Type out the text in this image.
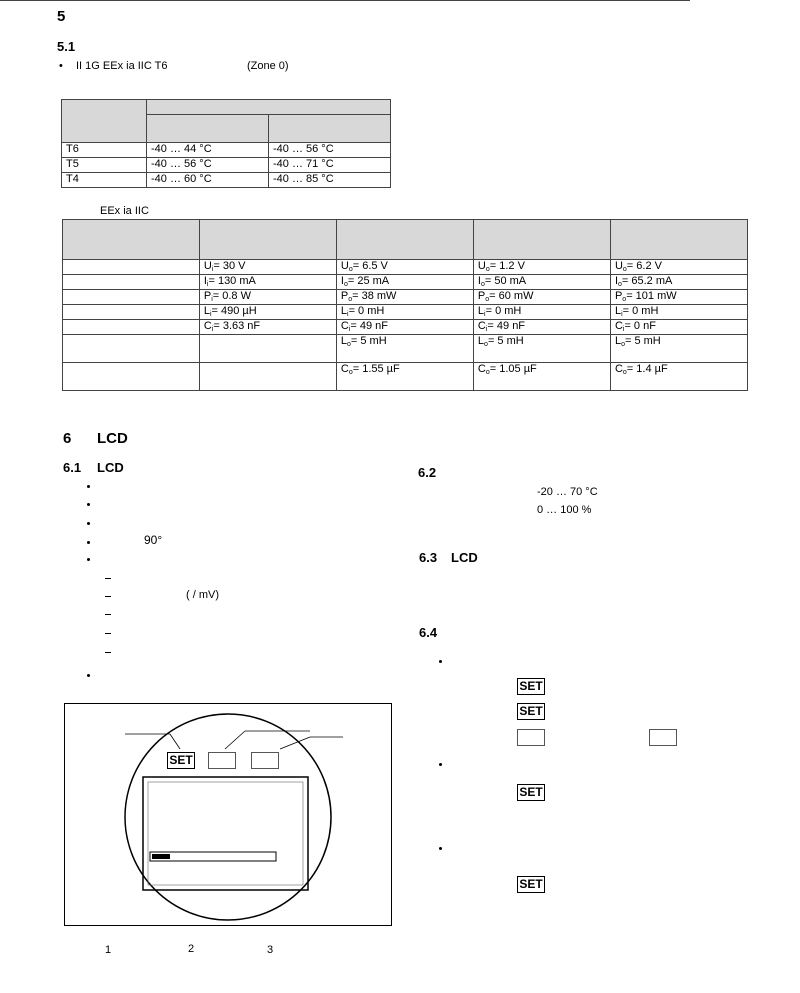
5
5.1
• II 1G EEx ia IIC T6	(Zone 0)

T6	-40 … 44 °C	-40 … 56 °C
T5	-40 … 56 °C	-40 … 71 °C
T4	-40 … 60 °C	-40 … 85 °C
EEx ia IIC

	$U_i= 30$ V	$U_o= 6.5$ V	$U_o= 1.2$ V	$U_o= 6.2$ V
	$I_i= 130$ mA	$I_o= 25$ mA	$I_o= 50$ mA	$I_o= 65.2$ mA
	$P_i= 0.8$ W	$P_o= 38$ mW	$P_o= 60$ mW	$P_o= 101$ mW
	$L_i= 490$ µH	$L_i= 0$ mH	$L_i= 0$ mH	$L_i= 0$ mH
	$C_i= 3.63$ nF	$C_i= 49$ nF	$C_i= 49$ nF	$C_i= 0$ nF
		$L_o= 5$ mH	$L_o= 5$ mH	$L_o= 5$ mH
		$C_o= 1.55$ µF	$C_o= 1.05$ µF	$C_o= 1.4$ µF
6 LCD
6.1 LCD
90°
( / mV)
SET
1	2	3
6.2
-20 … 70 °C
0 … 100 %
6.3 LCD
6.4
SET
SET
SET
SET
